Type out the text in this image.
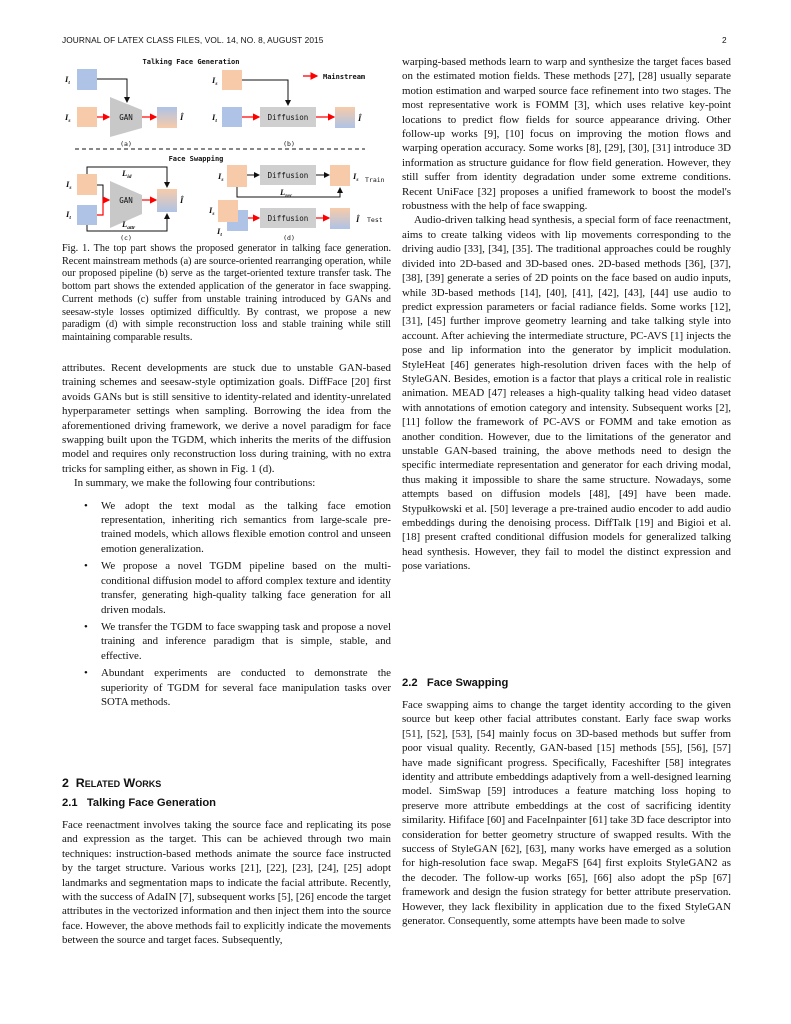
JOURNAL OF LATEX CLASS FILES, VOL. 14, NO. 8, AUGUST 2015	2
Talking Face Generation
Face Swapping
Mainstream
GAN
GAN
Diffusion
Diffusion
Diffusion
(a)	(b)
(c)	(d)
Train
Test
$I_t$
$I_s$	Î
$I_s$
$I_t$	Î
$I_s$
$I_t$
Î
$L_{id}$
$L_{attr}$
$I_s$	$I_s$
$L_{rec}$
$I_s$
$I_t$
Î
Fig. 1. The top part shows the proposed generator in talking face generation. Recent mainstream methods (a) are source-oriented rearranging operation, while our proposed pipeline (b) serve as the target-oriented texture transfer task. The bottom part shows the extended application of the generator in face swapping. Current methods (c) suffer from unstable training introduced by GANs and seesaw-style losses optimized difficultly. By contrast, we propose a new paradigm (d) with simple reconstruction loss and stable training while still maintaining comparable results.

attributes. Recent developments are stuck due to unstable GAN-based training schemes and seesaw-style optimization goals. DiffFace [20] first avoids GANs but is still sensitive to identity-related and identity-unrelated hyperparameter settings when sampling. Borrowing the idea from the aforementioned driving framework, we derive a novel paradigm for face swapping built upon the TGDM, which inherits the merits of the diffusion model and requires only reconstruction loss during training, with no extra tricks for sampling either, as shown in Fig. 1 (d).

In summary, we make the following four contributions:

• We adopt the text modal as the talking face emotion representation, inheriting rich semantics from large-scale pre-trained models, which allows flexible emotion control and unseen emotion generalization.
• We propose a novel TGDM pipeline based on the multi-conditional diffusion model to afford complex texture and identity transfer, generating high-quality talking face generation for all driven modals.
• We transfer the TGDM to face swapping task and propose a novel training and inference paradigm that is simple, stable, and effective.
• Abundant experiments are conducted to demonstrate the superiority of TGDM for several face manipulation tasks over SOTA methods.
2 Related Works
2.1   Talking Face Generation

Face reenactment involves taking the source face and replicating its pose and expression as the target. This can be achieved through two main techniques: instruction-based methods animate the source face instructed by the target structure. Various works [21], [22], [23], [24], [25] adopt landmarks and segmentation maps to indicate the facial attribute. Recently, with the success of AdaIN [7], subsequent works [5], [26] encode the target attributes in the vectorized information and then inject them into the source face. However, the above methods fail to explicitly indicate the movements between the source and target faces. Subsequently,

warping-based methods learn to warp and synthesize the target faces based on the estimated motion fields. These methods [27], [28] usually separate motion estimation and warped source face refinement into two stages. The most representative work is FOMM [3], which uses relative key-point locations to predict flow fields for source appearance driving. Other follow-up works [9], [10] focus on improving the motion flows and warping operation accuracy. Some works [8], [29], [30], [31] introduce 3D information as structure guidance for flow field generation. However, they still suffer from identity degradation under some extreme conditions. Recent UniFace [32] proposes a unified framework to boost the model's robustness with the help of face swapping.

Audio-driven talking head synthesis, a special form of face reenactment, aims to create talking videos with lip movements corresponding to the driving audio [33], [34], [35]. The traditional approaches could be roughly divided into 2D-based and 3D-based ones. 2D-based methods [36], [37], [38], [39] generate a series of 2D points on the face based on audio inputs, while 3D-based methods [14], [40], [41], [42], [43], [44] use audio to predict expression parameters or facial radiance fields. Some works [12], [31], [45] further improve geometry learning and take talking style into account. After achieving the intermediate structure, PC-AVS [1] injects the pose and lip information into the generator by implicit modulation. StyleHeat [46] generates high-resolution driven faces with the help of StyleGAN. Besides, emotion is a factor that plays a critical role in realistic animation. MEAD [47] releases a high-quality talking head video dataset with annotations of emotion category and intensity. Subsequent works [2], [11] follow the framework of PC-AVS or FOMM and take emotion as another condition. However, due to the limitations of the generator and unstable GAN-based training, the above methods need to design the specific intermediate representation and generator for each driving modal, thus making it impossible to share the same structure. Nowadays, some attempts based on diffusion models [48], [49] have been made. Stypułkowski et al. [50] leverage a pre-trained audio encoder to add audio embeddings during the denoising process. DiffTalk [19] and Bigioi et al. [18] present crafted conditional diffusion models for generalized talking head synthesis. However, they fail to model the distinct expression and pose variations.

2.2   Face Swapping

Face swapping aims to change the target identity according to the given source but keep other facial attributes constant. Early face swap works [51], [52], [53], [54] mainly focus on 3D-based methods but suffer from poor visual quality. Recently, GAN-based [15] methods [55], [56], [57] have made significant progress. Specifically, Faceshifter [58] integrates identity and attribute embeddings adaptively from a well-designed learning model. SimSwap [59] introduces a feature matching loss hoping to preserve more attribute embeddings at the cost of sacrificing identity similarity. Hififace [60] and FaceInpainter [61] take 3D face descriptor into consideration for better geometry structure of swapped results. With the success of StyleGAN [62], [63], many works have emerged as a solution for high-resolution face swap. MegaFS [64] first exploits StyleGAN2 as the decoder. The follow-up works [65], [66] also adopt the pSp [67] framework and design the fusion strategy for better attribute preservation. However, they lack flexibility in application due to the fixed StyleGAN generator. Consequently, some attempts have been made to solve
